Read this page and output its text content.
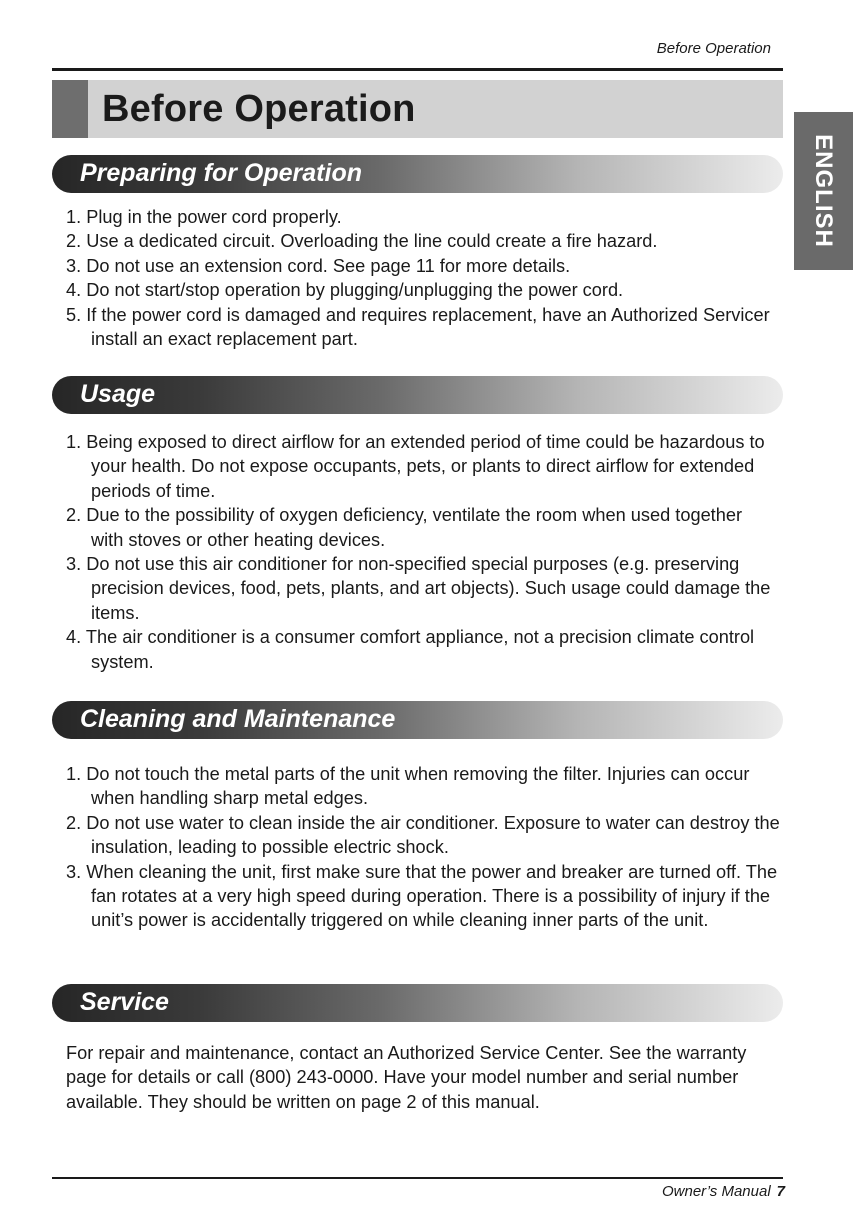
Before Operation
Before Operation
ENGLISH
Preparing for Operation
1. Plug in the power cord properly.
2. Use a dedicated circuit. Overloading the line could create a fire hazard.
3. Do not use an extension cord. See page 11 for more details.
4. Do not start/stop operation by plugging/unplugging the power cord.
5. If the power cord is damaged and requires replacement, have an Authorized Servicer install an exact replacement part.
Usage
1. Being exposed to direct airflow for an extended period of time could be hazardous to your health. Do not expose occupants, pets, or plants to direct airflow for extended periods of time.
2. Due to the possibility of oxygen deficiency, ventilate the room when used together with stoves or other heating devices.
3. Do not use this air conditioner for non-specified special purposes (e.g. preserving precision devices, food, pets, plants, and art objects). Such usage could damage the items.
4. The air conditioner is a consumer comfort appliance, not a precision climate control system.
Cleaning and Maintenance
1. Do not touch the metal parts of the unit when removing the filter. Injuries can occur when handling sharp metal edges.
2. Do not use water to clean inside the air conditioner. Exposure to water can destroy the insulation, leading to possible electric shock.
3. When cleaning the unit, first make sure that the power and breaker are turned off. The fan rotates at a very high speed during operation. There is a possibility of injury if the unit’s power is accidentally triggered on while cleaning inner parts of the unit.
Service

For repair and maintenance, contact an Authorized Service Center. See the warranty page for details or call (800) 243-0000. Have your model number and serial number available. They should be written on page 2 of this manual.

Owner’s Manual 7
